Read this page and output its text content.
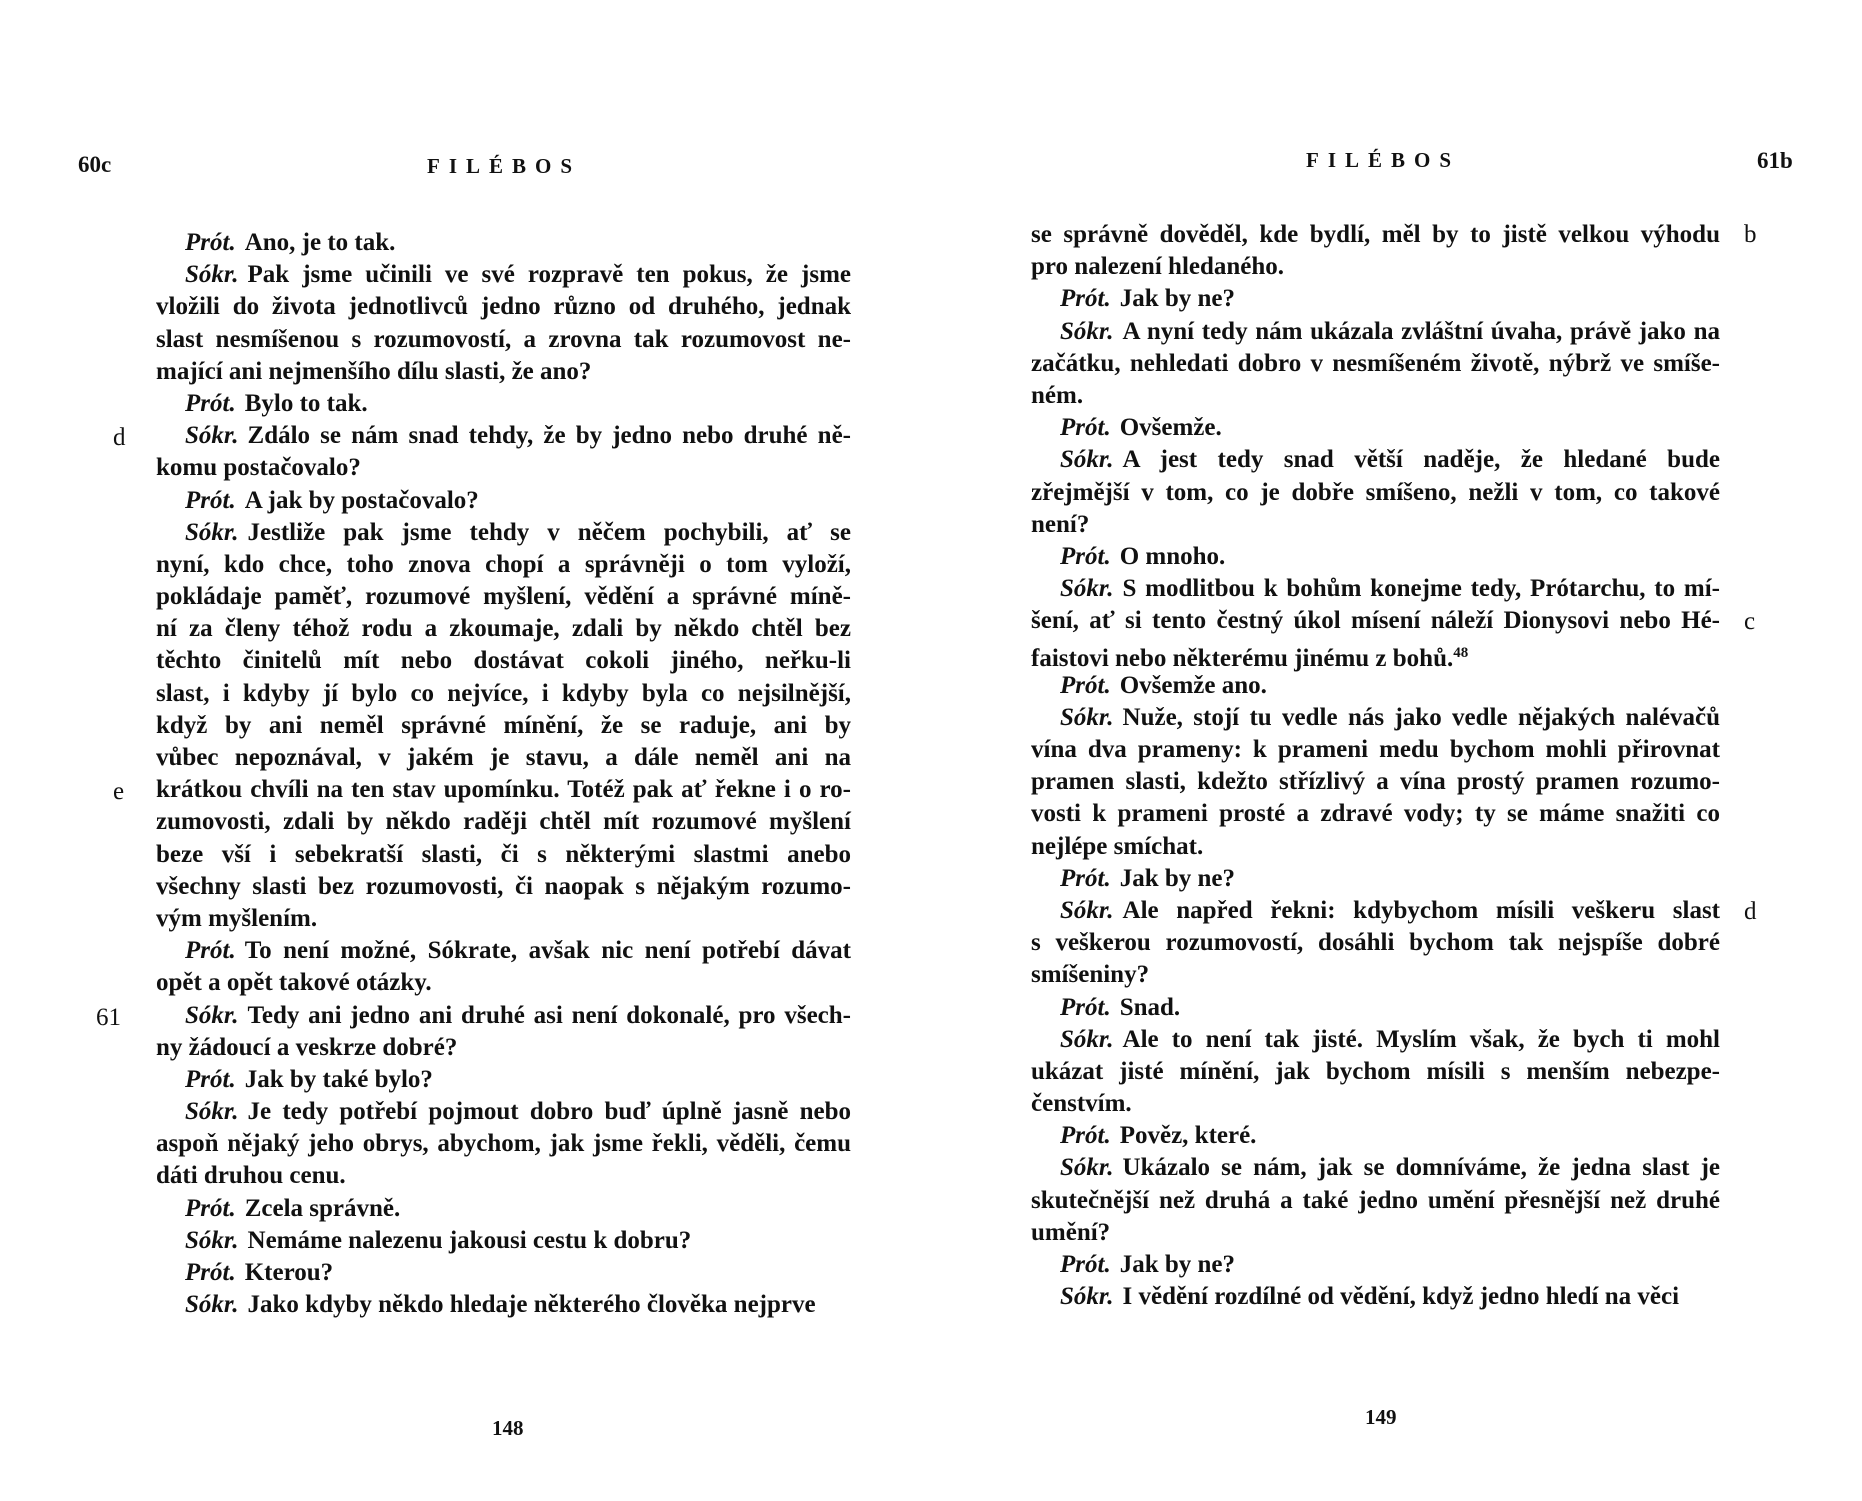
60c	FILÉBOS
d
e
61
Prót. Ano, je to tak.
Sókr. Pak jsme učinili ve své rozpravě ten pokus, že jsme
vložili do života jednotlivců jedno různo od druhého, jednak
slast nesmíšenou s rozumovostí, a zrovna tak rozumovost ne-
mající ani nejmenšího dílu slasti, že ano?
Prót. Bylo to tak.
Sókr. Zdálo se nám snad tehdy, že by jedno nebo druhé ně-
komu postačovalo?
Prót. A jak by postačovalo?
Sókr. Jestliže pak jsme tehdy v něčem pochybili, ať se
nyní, kdo chce, toho znova chopí a správněji o tom vyloží,
pokládaje paměť, rozumové myšlení, vědění a správné míně-
ní za členy téhož rodu a zkoumaje, zdali by někdo chtěl bez
těchto činitelů mít nebo dostávat cokoli jiného, neřku-li
slast, i kdyby jí bylo co nejvíce, i kdyby byla co nejsilnější,
když by ani neměl správné mínění, že se raduje, ani by
vůbec nepoznával, v jakém je stavu, a dále neměl ani na
krátkou chvíli na ten stav upomínku. Totéž pak ať řekne i o ro-
zumovosti, zdali by někdo raději chtěl mít rozumové myšlení
beze vší i sebekratší slasti, či s některými slastmi anebo
všechny slasti bez rozumovosti, či naopak s nějakým rozumo-
vým myšlením.
Prót. To není možné, Sókrate, avšak nic není potřebí dávat
opět a opět takové otázky.
Sókr. Tedy ani jedno ani druhé asi není dokonalé, pro všech-
ny žádoucí a veskrze dobré?
Prót. Jak by také bylo?
Sókr. Je tedy potřebí pojmout dobro buď úplně jasně nebo
aspoň nějaký jeho obrys, abychom, jak jsme řekli, věděli, čemu
dáti druhou cenu.
Prót. Zcela správně.
Sókr. Nemáme nalezenu jakousi cestu k dobru?
Prót. Kterou?
Sókr. Jako kdyby někdo hledaje některého člověka nejprve
148
FILÉBOS	61b
b
c
d
se správně dověděl, kde bydlí, měl by to jistě velkou výhodu
pro nalezení hledaného.
Prót. Jak by ne?
Sókr. A nyní tedy nám ukázala zvláštní úvaha, právě jako na
začátku, nehledati dobro v nesmíšeném životě, nýbrž ve smíše-
ném.
Prót. Ovšemže.
Sókr. A jest tedy snad větší naděje, že hledané bude
zřejmější v tom, co je dobře smíšeno, nežli v tom, co takové
není?
Prót. O mnoho.
Sókr. S modlitbou k bohům konejme tedy, Prótarchu, to mí-
šení, ať si tento čestný úkol mísení náleží Dionysovi nebo Hé-
faistovi nebo některému jinému z bohů.$^{48}$
Prót. Ovšemže ano.
Sókr. Nuže, stojí tu vedle nás jako vedle nějakých nalévačů
vína dva prameny: k prameni medu bychom mohli přirovnat
pramen slasti, kdežto střízlivý a vína prostý pramen rozumo-
vosti k prameni prosté a zdravé vody; ty se máme snažiti co
nejlépe smíchat.
Prót. Jak by ne?
Sókr. Ale napřed řekni: kdybychom mísili veškeru slast
s veškerou rozumovostí, dosáhli bychom tak nejspíše dobré
smíšeniny?
Prót. Snad.
Sókr. Ale to není tak jisté. Myslím však, že bych ti mohl
ukázat jisté mínění, jak bychom mísili s menším nebezpe-
čenstvím.
Prót. Pověz, které.
Sókr. Ukázalo se nám, jak se domníváme, že jedna slast je
skutečnější než druhá a také jedno umění přesnější než druhé
umění?
Prót. Jak by ne?
Sókr. I vědění rozdílné od vědění, když jedno hledí na věci
149
